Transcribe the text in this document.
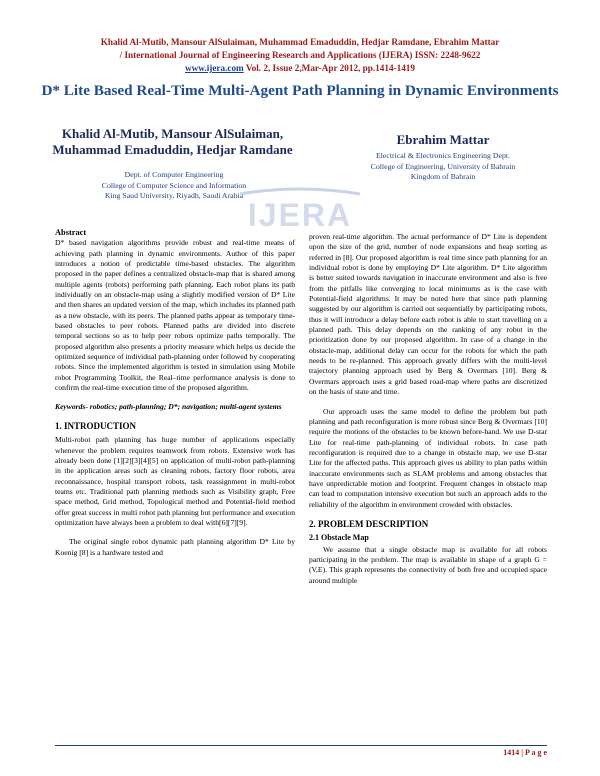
Khalid Al-Mutib, Mansour AlSulaiman, Muhammad Emaduddin, Hedjar Ramdane, Ebrahim Mattar
/ International Journal of Engineering Research and Applications (IJERA) ISSN: 2248-9622
www.ijera.com Vol. 2, Issue 2,Mar-Apr 2012, pp.1414-1419
D* Lite Based Real-Time Multi-Agent Path Planning in Dynamic Environments
Khalid Al-Mutib, Mansour AlSulaiman, Muhammad Emaduddin, Hedjar Ramdane
Dept. of Computer Engineering
College of Computer Science and Information
King Saud University, Riyadh, Saudi Arabia
Ebrahim Mattar
Electrical & Electronics Engineering Dept.
College of Engineering, University of Bahrain
Kingdom of Bahrain
IJERA

Abstract

D* based navigation algorithms provide robust and real-time means of achieving path planning in dynamic environments. Author of this paper introduces a notion of predictable time-based obstacles. The algorithm proposed in the paper defines a centralized obstacle-map that is shared among multiple agents (robots) performing path planning. Each robot plans its path individually on an obstacle-map using a slightly modified version of D* Lite and then shares an updated version of the map, which includes its planned path as a new obstacle, with its peers. The planned paths appear as temporary time-based obstacles to peer robots. Planned paths are divided into discrete temporal sections so as to help peer robots optimize paths temporally. The proposed algorithm also presents a priority measure which helps us decide the optimized sequence of individual path-planning order followed by cooperating robots. Since the implemented algorithm is tested in simulation using Mobile robot Programming Toolkit, the Real–time performance analysis is done to confirm the real-time execution time of the proposed algorithm.

Keywords- robotics; path-planning; D*; navigation; multi-agent systems

1. INTRODUCTION

Multi-robot path planning has huge number of applications especially whenever the problem requires teamwork from robots. Extensive work has already been done [1][2][3][4][5] on application of multi-robot path-planning in the application areas such as cleaning robots, factory floor robots, area reconnaissance, hospital transport robots, task reassignment in multi-robot teams etc. Traditional path planning methods such as Visibility graph, Free space method, Grid method, Topological method and Potential-field method offer great success in multi robot path planning but performance and execution optimization have always been a problem to deal with[6][7][9].

The original single robot dynamic path planning algorithm D* Lite by Koenig [8] is a hardware tested and

proven real-time algorithm. The actual performance of D* Lite is dependent upon the size of the grid, number of node expansions and heap sorting as referred in [8]. Our proposed algorithm is real time since path planning for an individual robot is done by employing D* Lite algorithm. D* Lite algorithm is better suited towards navigation in inaccurate environment and also is free from the pitfalls like converging to local minimums as is the case with Potential-field algorithms. It may be noted here that since path planning suggested by our algorithm is carried out sequentially by participating robots, thus it will introduce a delay before each robot is able to start travelling on a planned path. This delay depends on the ranking of any robot in the prioritization done by our proposed algorithm. In case of a change in the obstacle-map, additional delay can occur for the robots for which the path needs to be re-planned. This approach greatly differs with the multi-level trajectory planning approach used by Berg & Overmars [10]. Berg & Overmars approach uses a grid based road-map where paths are discretized on the basis of state and time.

Our approach uses the same model to define the problem but path planning and path reconfiguration is more robust since Berg & Overmars [10] require the motions of the obstacles to be known before-hand. We use D-star Lite for real-time path-planning of individual robots. In case path reconfiguration is required due to a change in obstacle map, we use D-star Lite for the affected paths. This approach gives us ability to plan paths within inaccurate environments such as SLAM problems and among obstacles that have unpredictable motion and footprint. Frequent changes in obstacle map can lead to computation intensive execution but such an approach adds to the reliability of the algorithm in environment crowded with obstacles.

2. PROBLEM DESCRIPTION

2.1 Obstacle Map

We assume that a single obstacle map is available for all robots participating in the problem. The map is available in shape of a graph G = (V,E). This graph represents the connectivity of both free and occupied space around multiple

1414 | P a g e
